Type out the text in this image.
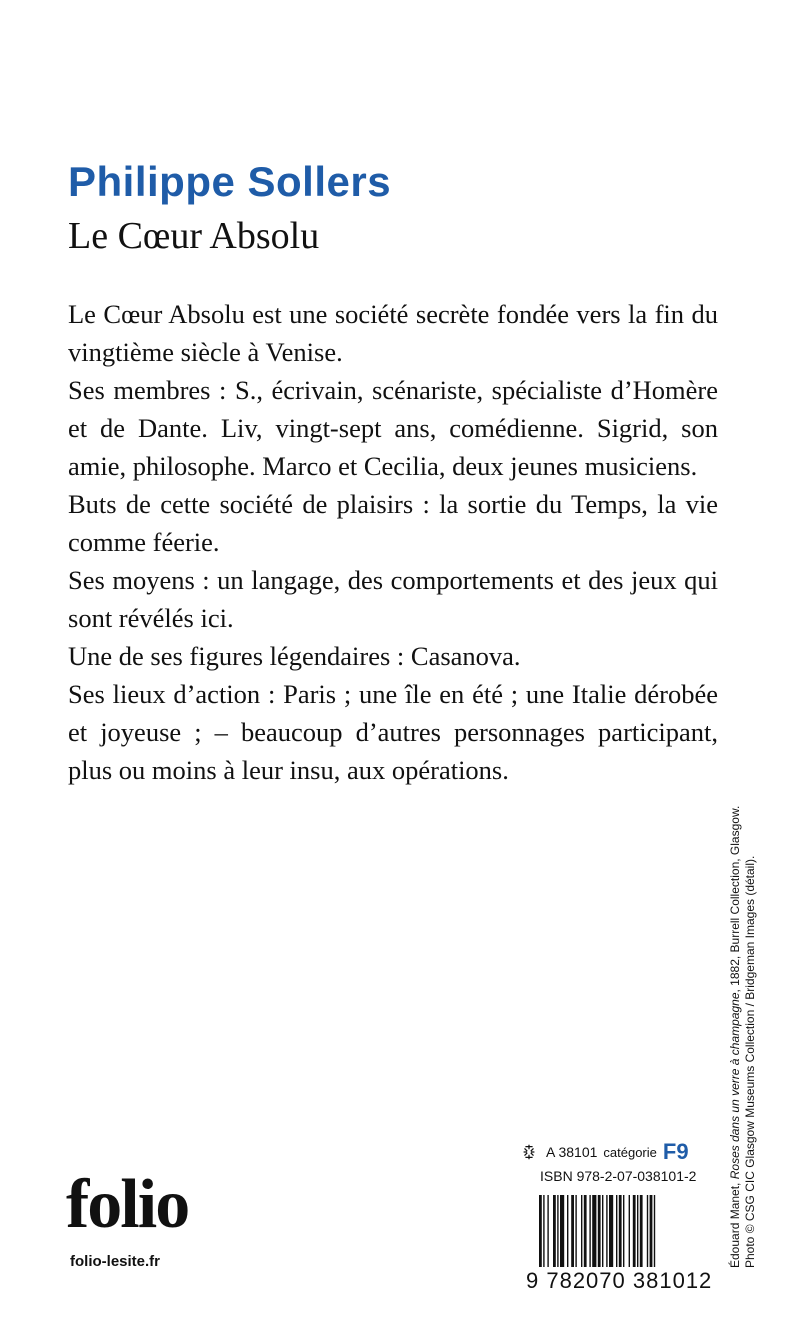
Philippe Sollers
Le Cœur Absolu

Le Cœur Absolu est une société secrète fondée vers la fin du vingtième siècle à Venise.

Ses membres : S., écrivain, scénariste, spécialiste d’Homère et de Dante. Liv, vingt-sept ans, comédienne. Sigrid, son amie, philosophe. Marco et Cecilia, deux jeunes musiciens.

Buts de cette société de plaisirs : la sortie du Temps, la vie comme féerie.

Ses moyens : un langage, des comportements et des jeux qui sont révélés ici.

Une de ses figures légendaires : Casanova.

Ses lieux d’action : Paris ; une île en été ; une Italie dérobée et joyeuse ; – beaucoup d’autres personnages participant, plus ou moins à leur insu, aux opérations.

Édouard Manet, Roses dans un verre à champagne, 1882, Burrell Collection, Glasgow. Photo © CSG CIC Glasgow Museums Collection / Bridgeman Images (détail).
A 38101 catégorie F9
ISBN 978-2-07-038101-2
9 782070 381012
folio
folio-lesite.fr
